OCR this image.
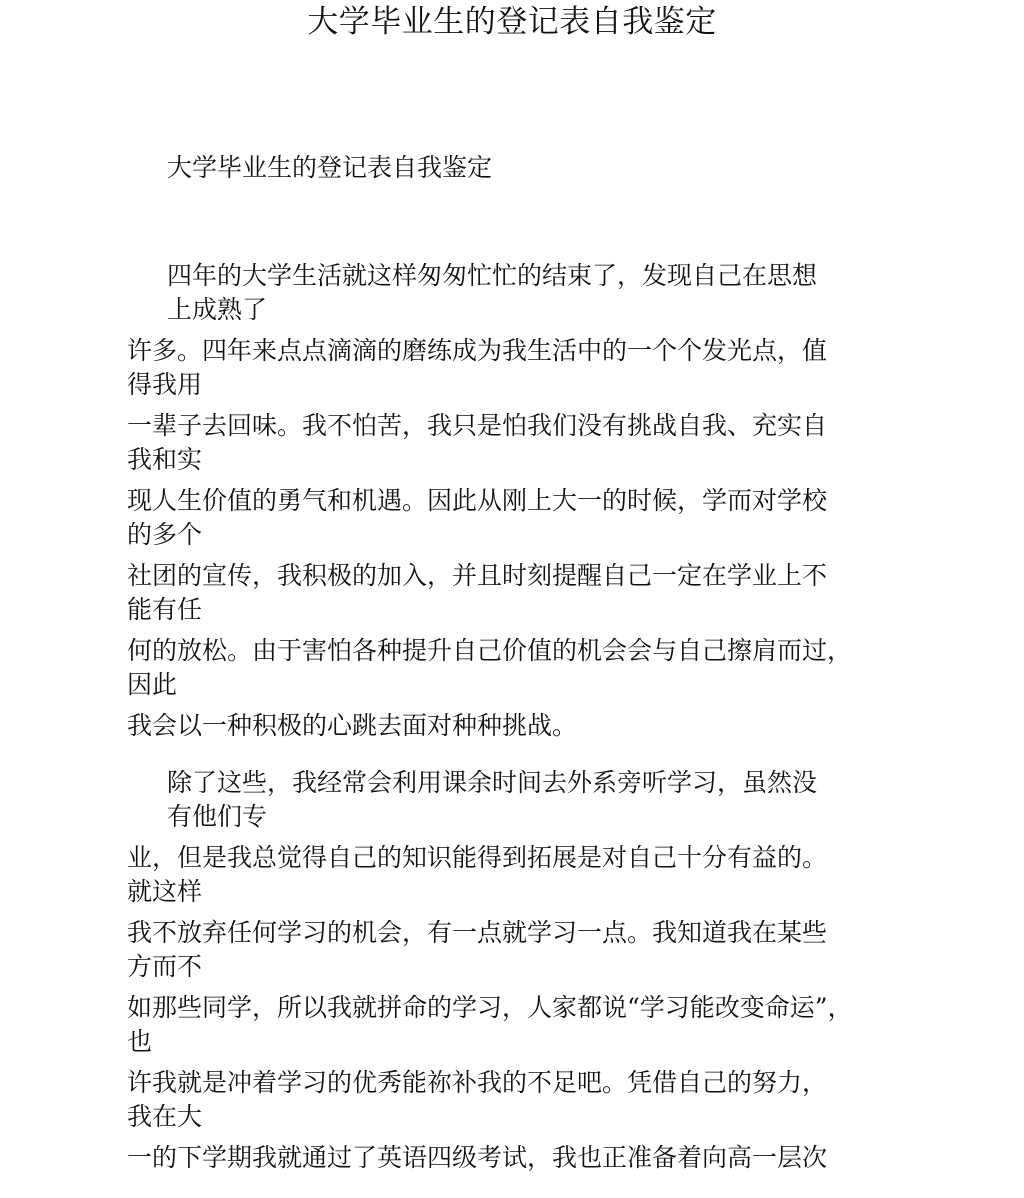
大学毕业生的登记表自我鉴定
大学毕业生的登记表自我鉴定
四年的大学生活就这样匆匆忙忙的结束了，发现自己在思想
上成熟了
许多。四年来点点滴滴的磨练成为我生活中的一个个发光点，值
得我用
一辈子去回味。我不怕苦，我只是怕我们没有挑战自我、充实自
我和实
现人生价值的勇气和机遇。因此从刚上大一的时候，学而对学校
的多个
社团的宣传，我积极的加入，并且时刻提醒自己一定在学业上不
能有任
何的放松。由于害怕各种提升自己价值的机会会与自己擦肩而过，
因此
我会以一种积极的心跳去面对种种挑战。
除了这些，我经常会利用课余时间去外系旁听学习，虽然没
有他们专
业，但是我总觉得自己的知识能得到拓展是对自己十分有益的。
就这样
我不放弃任何学习的机会，有一点就学习一点。我知道我在某些
方而不
如那些同学，所以我就拼命的学习，人家都说“学习能改变命运”，
也
许我就是冲着学习的优秀能祢补我的不足吧。凭借自己的努力，
我在大
一的下学期我就通过了英语四级考试，我也正准备着向高一层次
